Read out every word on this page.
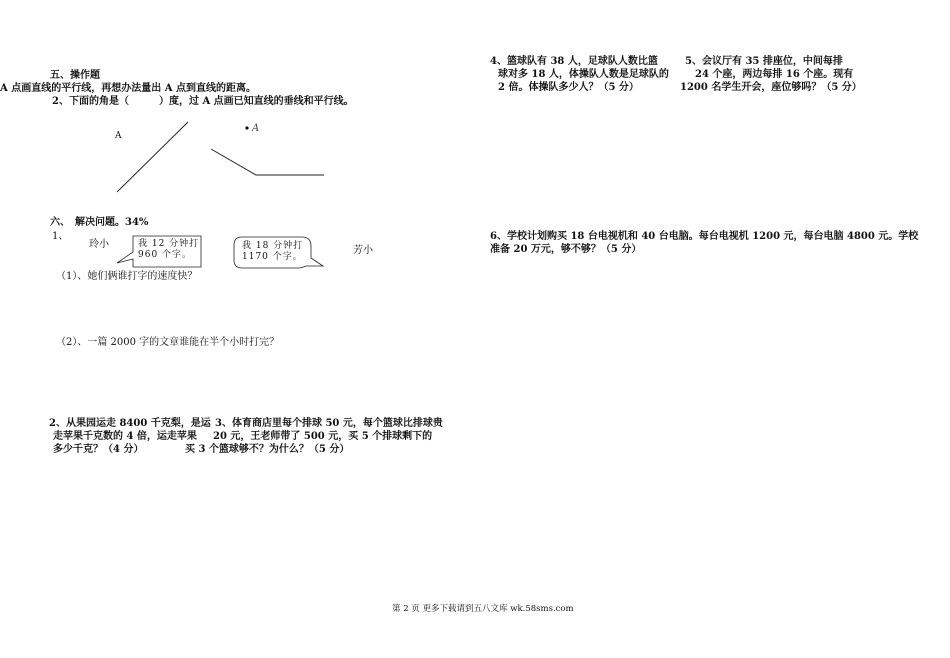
五、操作题
A 点画直线的平行线，再想办法量出 A 点到直线的距离。
2、下面的角是（　　　）度，过 A 点画已知直线的垂线和平行线。
A
A
六、　解决问题。34%
1、
玲小	我 12 分钟打
960 个字。
我 18 分钟打
1170 个字。
芳小
（1）、她们俩谁打字的速度快？
（2）、一篇 2000 字的文章谁能在半个小时打完？
2、从果园运走 8400 千克梨，是运
走苹果千克数的 4 倍，运走苹果
多少千克？（4 分）
3、体育商店里每个排球 50 元，每个篮球比排球贵
20 元，王老师带了 500 元，买 5 个排球剩下的
买 3 个篮球够不？为什么？（5 分）
4、篮球队有 38 人，足球队人数比篮
球对多 18 人，体操队人数是足球队的
2 倍。体操队多少人？（5 分）
5、会议厅有 35 排座位，中间每排
24 个座，两边每排 16 个座。现有
1200 名学生开会，座位够吗？（5 分）
6、学校计划购买 18 台电视机和 40 台电脑。每台电视机 1200 元，每台电脑 4800 元。学校
准备 20 万元，够不够？（5 分）
第 2 页 更多下载请到五八文库 wk.58sms.com
